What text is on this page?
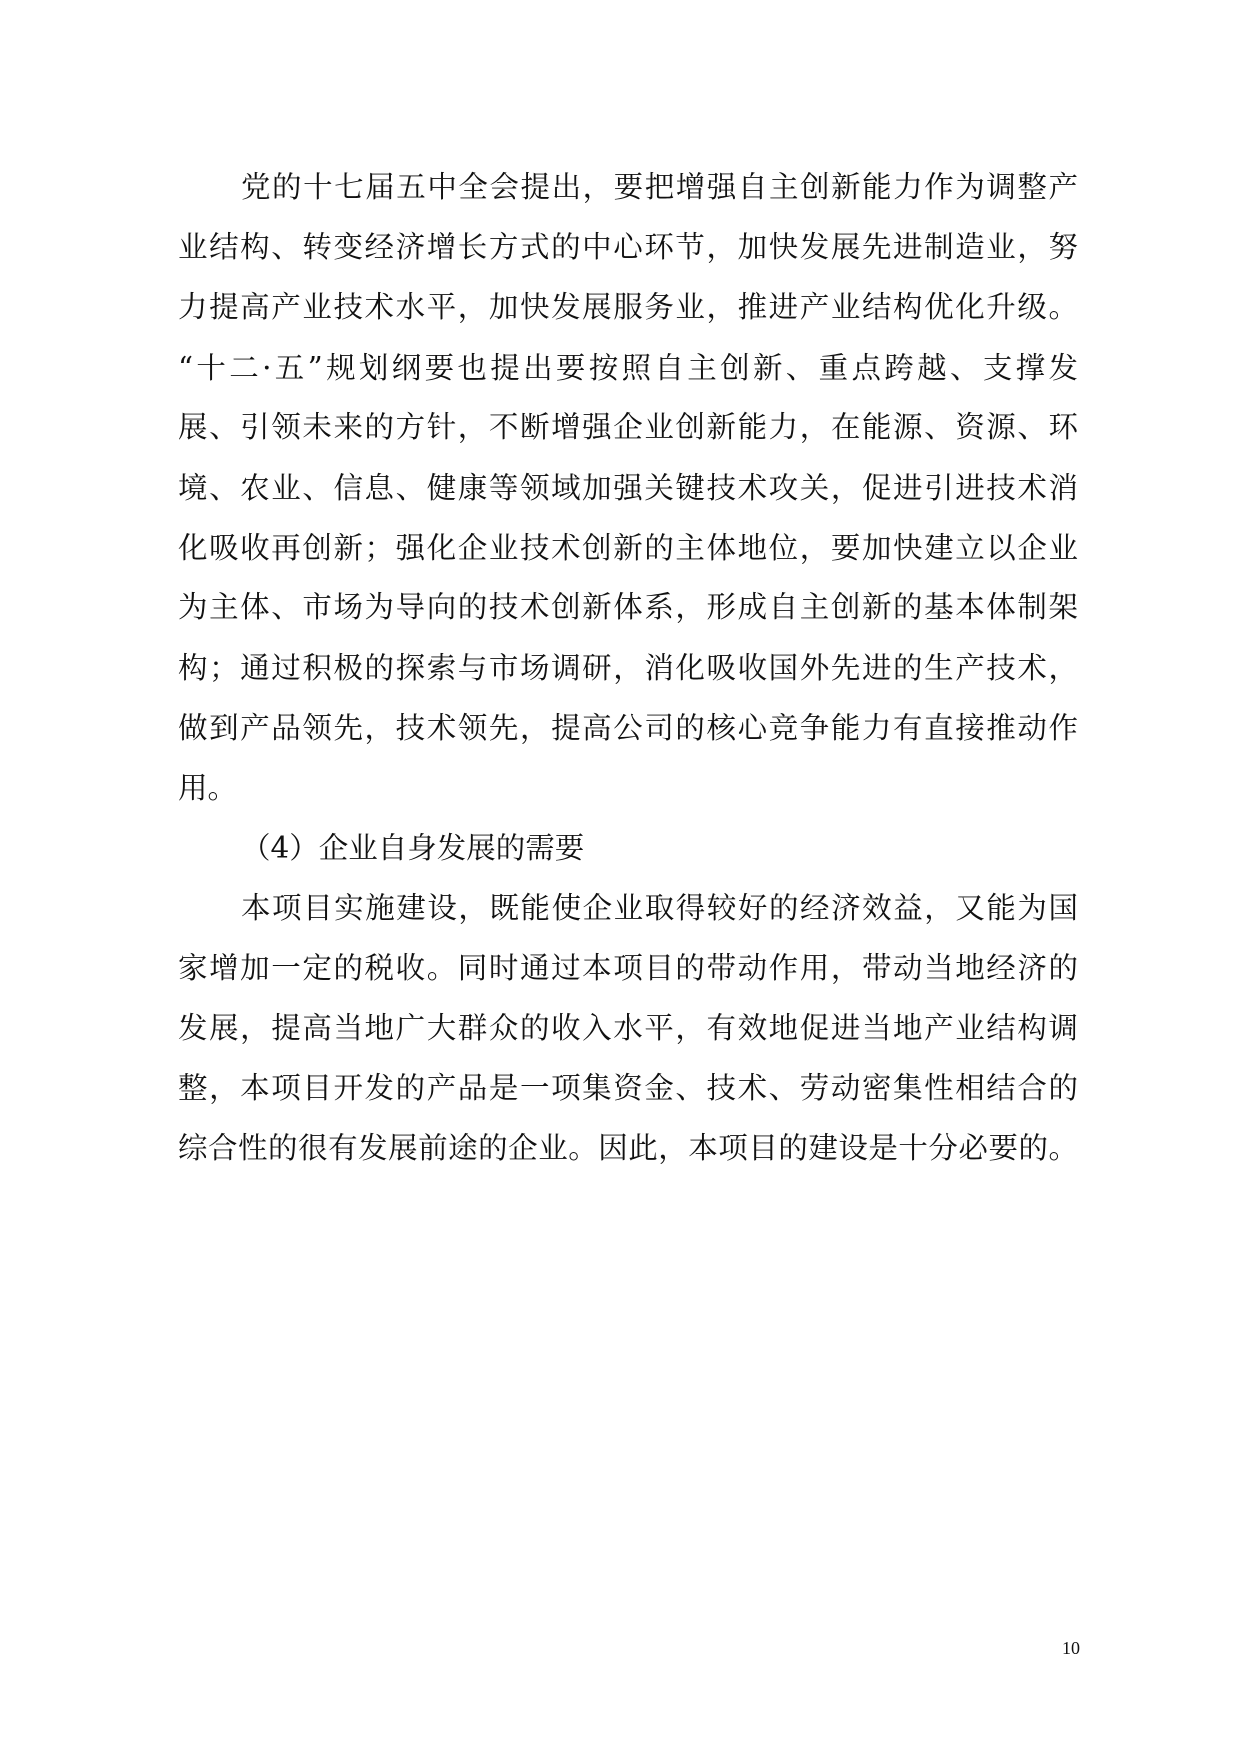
党的十七届五中全会提出，要把增强自主创新能力作为调整产
业结构、转变经济增长方式的中心环节，加快发展先进制造业，努
力提高产业技术水平，加快发展服务业，推进产业结构优化升级。
“十二·五”规划纲要也提出要按照自主创新、重点跨越、支撑发
展、引领未来的方针，不断增强企业创新能力，在能源、资源、环
境、农业、信息、健康等领域加强关键技术攻关，促进引进技术消
化吸收再创新；强化企业技术创新的主体地位，要加快建立以企业
为主体、市场为导向的技术创新体系，形成自主创新的基本体制架
构；通过积极的探索与市场调研，消化吸收国外先进的生产技术，
做到产品领先，技术领先，提高公司的核心竞争能力有直接推动作
用。
（4）企业自身发展的需要
本项目实施建设，既能使企业取得较好的经济效益，又能为国
家增加一定的税收。同时通过本项目的带动作用，带动当地经济的
发展，提高当地广大群众的收入水平，有效地促进当地产业结构调
整，本项目开发的产品是一项集资金、技术、劳动密集性相结合的
综合性的很有发展前途的企业。因此，本项目的建设是十分必要的。
10
